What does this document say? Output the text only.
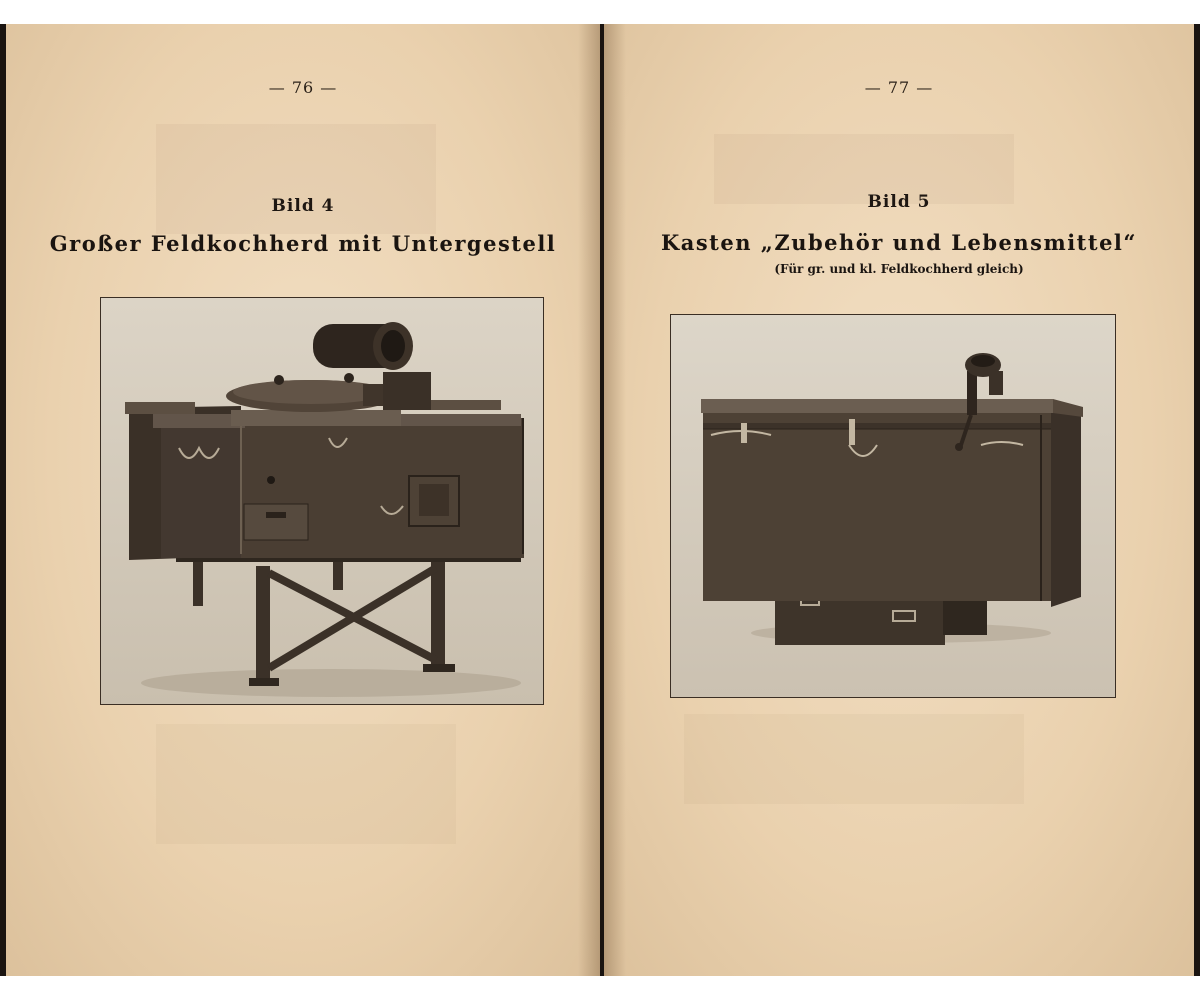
— 76 —
Bild 4
Großer Feldkochherd mit Untergestell
— 77 —
Bild 5
Kasten „Zubehör und Lebensmittel“
(Für gr. und kl. Feldkochherd gleich)
